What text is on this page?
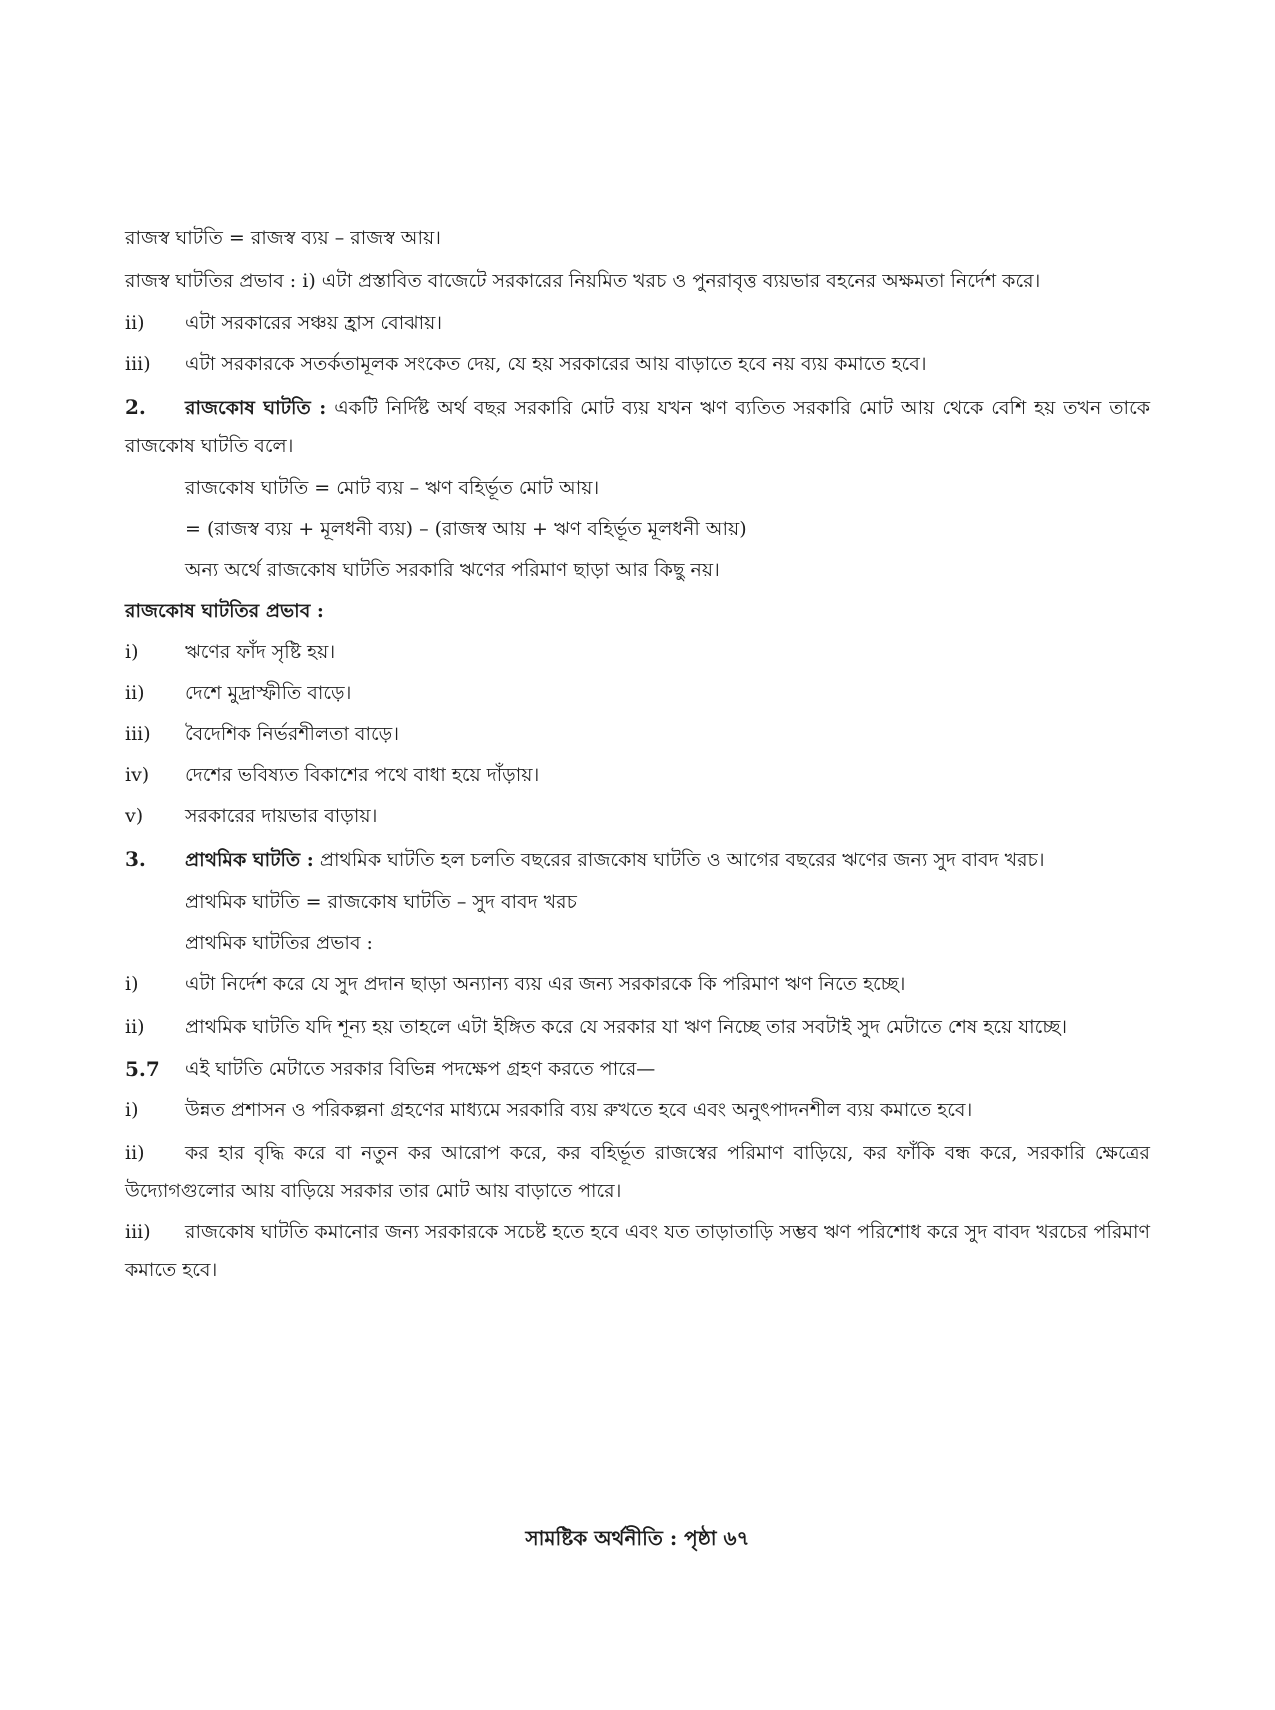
রাজস্ব ঘাটতি = রাজস্ব ব্যয় – রাজস্ব আয়।

রাজস্ব ঘাটতির প্রভাব : i) এটা প্রস্তাবিত বাজেটে সরকারের নিয়মিত খরচ ও পুনরাবৃত্ত ব্যয়ভার বহনের অক্ষমতা নির্দেশ করে।

ii)	এটা সরকারের সঞ্চয় হ্রাস বোঝায়।

iii)	এটা সরকারকে সতর্কতামূলক সংকেত দেয়, যে হয় সরকারের আয় বাড়াতে হবে নয় ব্যয় কমাতে হবে।

2. রাজকোষ ঘাটতি : একটি নির্দিষ্ট অর্থ বছর সরকারি মোট ব্যয় যখন ঋণ ব্যতিত সরকারি মোট আয় থেকে বেশি হয় তখন তাকে রাজকোষ ঘাটতি বলে।

রাজকোষ ঘাটতি = মোট ব্যয় – ঋণ বহির্ভূত মোট আয়।

= (রাজস্ব ব্যয় + মূলধনী ব্যয়) – (রাজস্ব আয় + ঋণ বহির্ভূত মূলধনী আয়)

অন্য অর্থে রাজকোষ ঘাটতি সরকারি ঋণের পরিমাণ ছাড়া আর কিছু নয়।

রাজকোষ ঘাটতির প্রভাব :

i)	ঋণের ফাঁদ সৃষ্টি হয়।

ii)	দেশে মুদ্রাস্ফীতি বাড়ে।

iii)	বৈদেশিক নির্ভরশীলতা বাড়ে।

iv)	দেশের ভবিষ্যত বিকাশের পথে বাধা হয়ে দাঁড়ায়।

v)	সরকারের দায়ভার বাড়ায়।

3. প্রাথমিক ঘাটতি : প্রাথমিক ঘাটতি হল চলতি বছরের রাজকোষ ঘাটতি ও আগের বছরের ঋণের জন্য সুদ বাবদ খরচ।

প্রাথমিক ঘাটতি = রাজকোষ ঘাটতি – সুদ বাবদ খরচ

প্রাথমিক ঘাটতির প্রভাব :

i)	এটা নির্দেশ করে যে সুদ প্রদান ছাড়া অন্যান্য ব্যয় এর জন্য সরকারকে কি পরিমাণ ঋণ নিতে হচ্ছে।

ii) প্রাথমিক ঘাটতি যদি শূন্য হয় তাহলে এটা ইঙ্গিত করে যে সরকার যা ঋণ নিচ্ছে তার সবটাই সুদ মেটাতে শেষ হয়ে যাচ্ছে।

5.7	এই ঘাটতি মেটাতে সরকার বিভিন্ন পদক্ষেপ গ্রহণ করতে পারে—

i)	উন্নত প্রশাসন ও পরিকল্পনা গ্রহণের মাধ্যমে সরকারি ব্যয় রুখতে হবে এবং অনুৎপাদনশীল ব্যয় কমাতে হবে।

ii) কর হার বৃদ্ধি করে বা নতুন কর আরোপ করে, কর বহির্ভূত রাজস্বের পরিমাণ বাড়িয়ে, কর ফাঁকি বন্ধ করে, সরকারি ক্ষেত্রের উদ্যোগগুলোর আয় বাড়িয়ে সরকার তার মোট আয় বাড়াতে পারে।

iii) রাজকোষ ঘাটতি কমানোর জন্য সরকারকে সচেষ্ট হতে হবে এবং যত তাড়াতাড়ি সম্ভব ঋণ পরিশোধ করে সুদ বাবদ খরচের পরিমাণ কমাতে হবে।

সামষ্টিক অর্থনীতি : পৃষ্ঠা ৬৭
